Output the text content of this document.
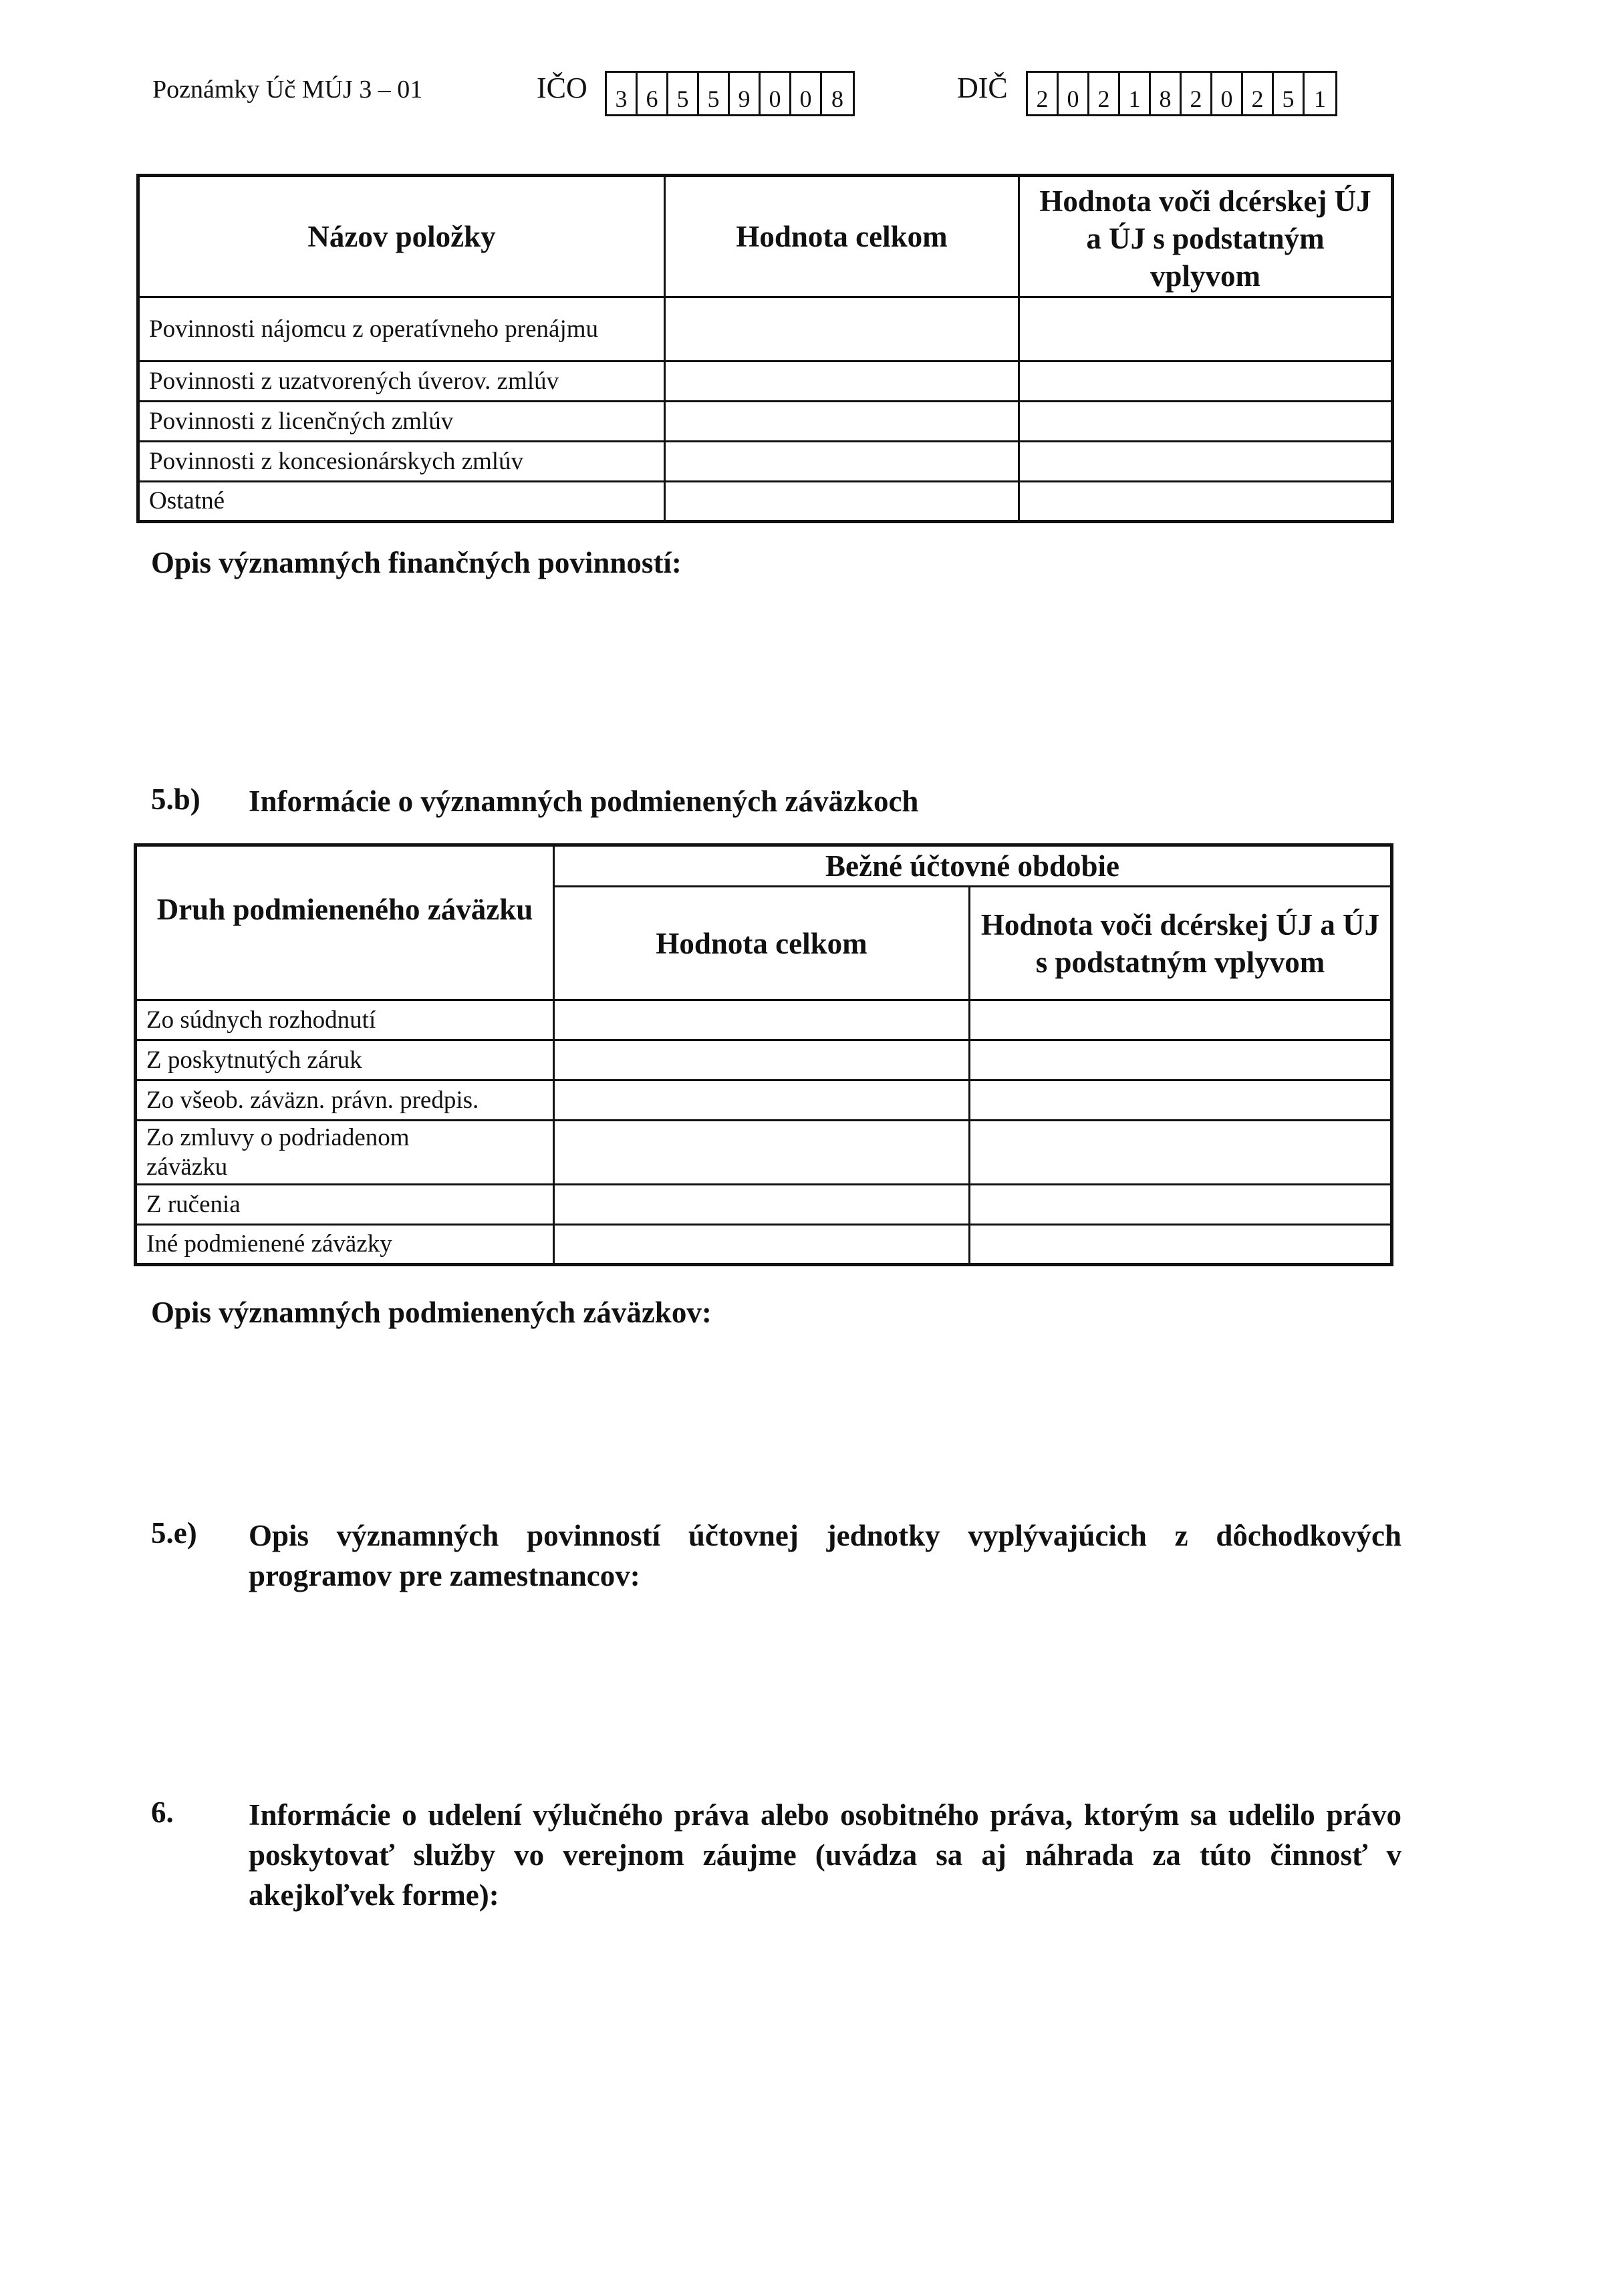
Poznámky Úč MÚJ 3 – 01	IČO	3 6 5 5 9 0 0 8	DIČ	2 0 2 1 8 2 0 2 5 1
Názov položky	Hodnota celkom	Hodnota voči dcérskej ÚJ a ÚJ s podstatným vplyvom
Povinnosti nájomcu z operatívneho prenájmu		
Povinnosti z uzatvorených úverov. zmlúv		
Povinnosti z licenčných zmlúv		
Povinnosti z koncesionárskych zmlúv		
Ostatné		
Opis významných finančných povinností:
5.b) Informácie o významných podmienených záväzkoch
Druh podmieneného záväzku	Bežné účtovné obdobie	
	Hodnota celkom	Hodnota voči dcérskej ÚJ a ÚJ s podstatným vplyvom
Zo súdnych rozhodnutí		
Z poskytnutých záruk		
Zo všeob. záväzn. právn. predpis.		
Zo zmluvy o podriadenom záväzku		
Z ručenia		
Iné podmienené záväzky		
Opis významných podmienených záväzkov:
5.e) Opis významných povinností účtovnej jednotky vyplývajúcich z dôchodkových programov pre zamestnancov:
6. Informácie o udelení výlučného práva alebo osobitného práva, ktorým sa udelilo právo poskytovať služby vo verejnom záujme (uvádza sa aj náhrada za túto činnosť v akejkoľvek forme):
